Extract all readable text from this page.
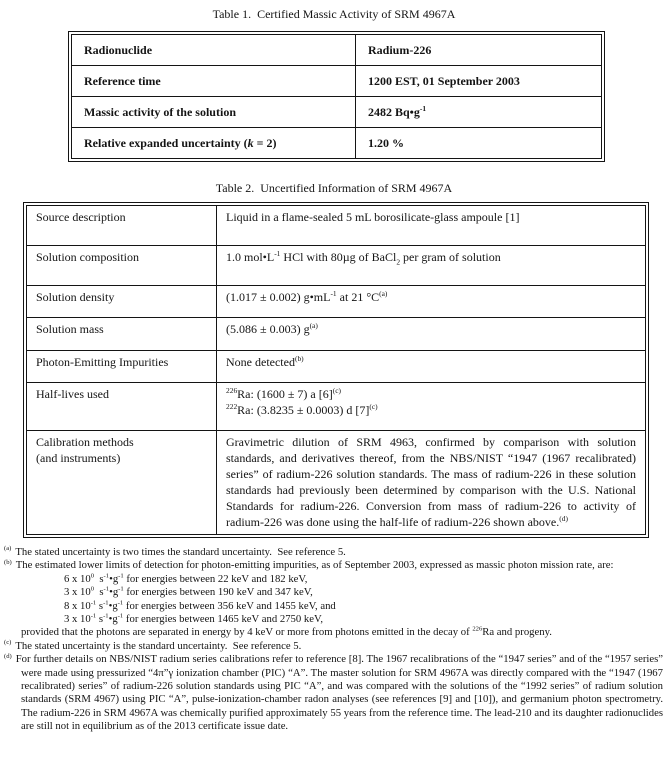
Table 1.  Certified Massic Activity of SRM 4967A
Radionuclide	Radium-226
Reference time	1200 EST, 01 September 2003
Massic activity of the solution	2482 $Bq•g^{-1}$
Relative expanded uncertainty (k = 2)	1.20 %
Table 2.  Uncertified Information of SRM 4967A
Source description	Liquid in a flame-sealed 5 mL borosilicate-glass ampoule [1]
Solution composition	1.0 $mol•L^{-1}$ HCl with 80µg of BaCl$_2$ per gram of solution
Solution density	(1.017 ± 0.002) $g•mL^{-1}$ at 21 $^\circ C^{(a)}$
Solution mass	(5.086 ± 0.003) $g^{(a)}$
Photon-Emitting Impurities	None detected$^{(b)}$
Half-lives used	$^{226}$Ra: (1600 ± 7) a $[6]^{(c)}$
$^{222}$Ra: (3.8235 ± 0.0003) d $[7]^{(c)}$

Calibration methods
(and instruments)	Gravimetric dilution of SRM 4963, confirmed by comparison with solution standards, and derivatives thereof, from the NBS/NIST “1947 (1967 recalibrated) series” of radium-226 solution standards. The mass of radium-226 in these solution standards had previously been determined by comparison with the U.S. National Standards for radium-226. Conversion from mass of radium-226 to activity of radium-226 was done using the half-life of radium-226 shown above.$^{(d)}$
$^{(a)}$ The stated uncertainty is two times the standard uncertainty.  See reference 5.
$^{(b)}$ The estimated lower limits of detection for photon-emitting impurities, as of September 2003, expressed as massic photon mission rate, are:
6 x $10^0$  $s^{-1}•g^{-1}$ for energies between 22 keV and 182 keV,
3 x $10^0$  $s^{-1}•g^{-1}$ for energies between 190 keV and 347 keV,
8 x $10^{-1}$ $s^{-1}•g^{-1}$ for energies between 356 keV and 1455 keV, and
3 x $10^{-1}$ $s^{-1}•g^{-1}$ for energies between 1465 keV and 2750 keV,
provided that the photons are separated in energy by 4 keV or more from photons emitted in the decay of $^{226}$Ra and progeny.
$^{(c)}$ The stated uncertainty is the standard uncertainty.  See reference 5.
$^{(d)}$ For further details on NBS/NIST radium series calibrations refer to reference [8]. The 1967 recalibrations of the “1947 series” and of the “1957 series” were made using pressurized “4π”γ ionization chamber (PIC) “A”. The master solution for SRM 4967A was directly compared with the “1947 (1967 recalibrated) series” of radium-226 solution standards using PIC “A”, and was compared with the solutions of the “1992 series” of radium solution standards (SRM 4967) using PIC “A”, pulse-ionization-chamber radon analyses (see references [9] and [10]), and germanium photon spectrometry. The radium-226 in SRM 4967A was chemically purified approximately 55 years from the reference time. The lead-210 and its daughter radionuclides are still not in equilibrium as of the 2013 certificate issue date.
